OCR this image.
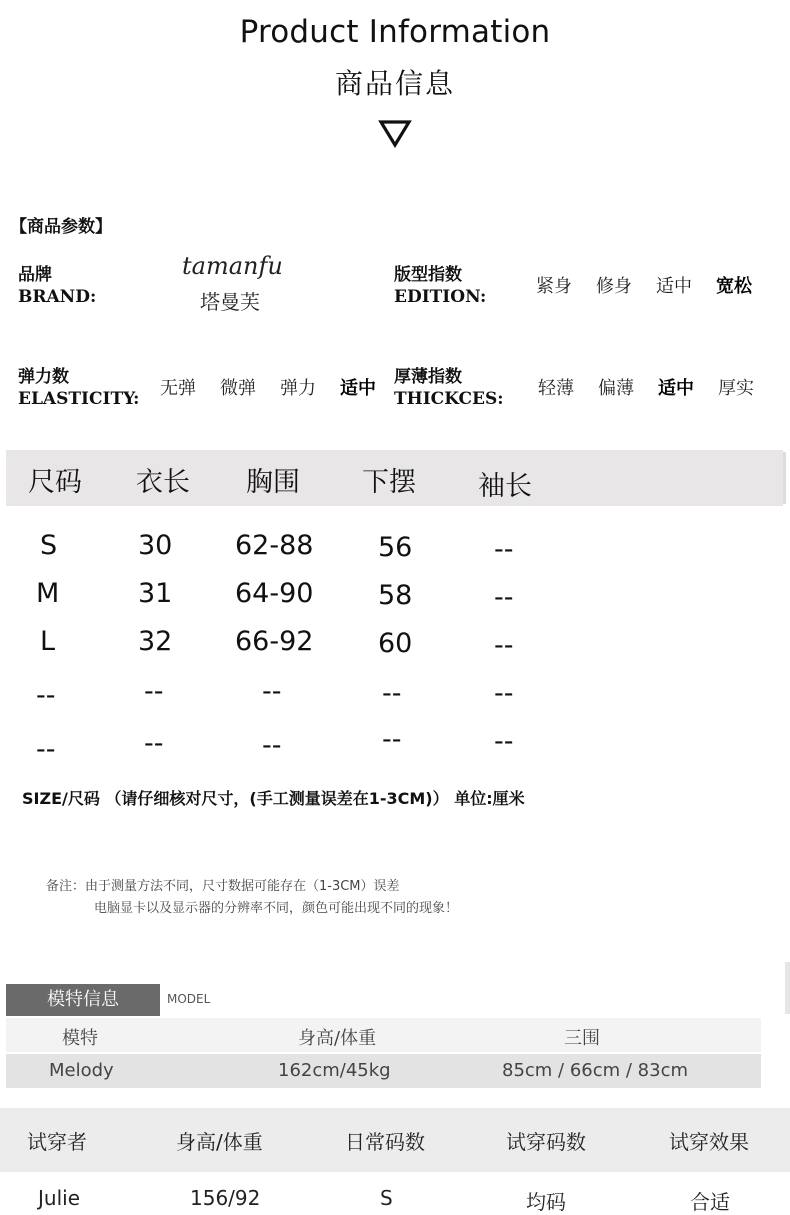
Product Information
商品信息
【商品参数】
品牌
BRAND:
tamanfu
塔曼芙
版型指数
EDITION:	紧身 修身 适中 宽松
弹力数
ELASTICITY: 无弹 微弹 弹力 适中
厚薄指数
THICKCES: 轻薄 偏薄 适中 厚实
尺码 衣长 胸围 下摆 袖长
S	30 62-88 56	--
M	31 64-90 58	--
L	32 66-92 60	--
--	--	--	--	--
--	--	--	--	--
SIZE/尺码 （请仔细核对尺寸，(手工测量误差在1-3CM)） 单位:厘米
备注：由于测量方法不同，尺寸数据可能存在（1-3CM）误差
电脑显卡以及显示器的分辨率不同，颜色可能出现不同的现象！
模特信息	MODEL
模特	身高/体重	三围
Melody	162cm/45kg	85cm / 66cm / 83cm
试穿者	身高/体重	日常码数	试穿码数	试穿效果
Julie	156/92	S	均码	合适
